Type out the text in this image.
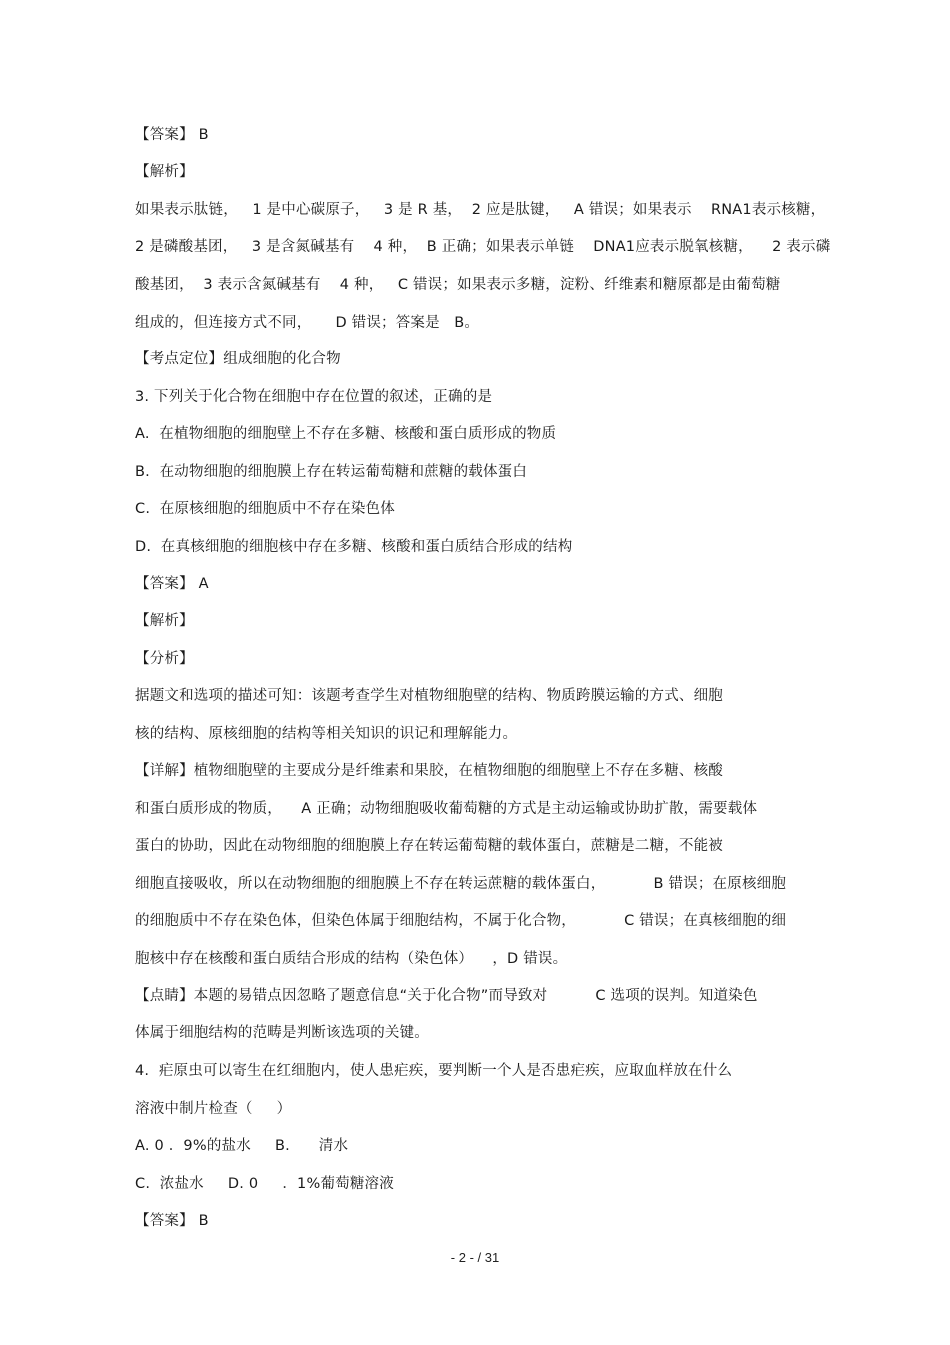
【答案】 B
【解析】
如果表示肽链，   1 是中心碳原子，   3 是 R 基，  2 应是肽键，   A 错误；如果表示    RNA1表示核糖，
2 是磷酸基团，   3 是含氮碱基有    4 种，  B 正确；如果表示单链    DNA1应表示脱氧核糖，    2 表示磷
酸基团，  3 表示含氮碱基有    4 种，   C 错误；如果表示多糖，淀粉、纤维素和糖原都是由葡萄糖
组成的，但连接方式不同，     D 错误；答案是   B。
【考点定位】组成细胞的化合物
3. 下列关于化合物在细胞中存在位置的叙述，正确的是
A.  在植物细胞的细胞壁上不存在多糖、核酸和蛋白质形成的物质
B.  在动物细胞的细胞膜上存在转运葡萄糖和蔗糖的载体蛋白
C.  在原核细胞的细胞质中不存在染色体
D.  在真核细胞的细胞核中存在多糖、核酸和蛋白质结合形成的结构
【答案】 A
【解析】
【分析】
据题文和选项的描述可知：该题考查学生对植物细胞壁的结构、物质跨膜运输的方式、细胞
核的结构、原核细胞的结构等相关知识的识记和理解能力。
【详解】植物细胞壁的主要成分是纤维素和果胶，在植物细胞的细胞壁上不存在多糖、核酸
和蛋白质形成的物质，    A 正确；动物细胞吸收葡萄糖的方式是主动运输或协助扩散，需要载体
蛋白的协助，因此在动物细胞的细胞膜上存在转运葡萄糖的载体蛋白，蔗糖是二糖，不能被
细胞直接吸收，所以在动物细胞的细胞膜上不存在转运蔗糖的载体蛋白，          B 错误；在原核细胞
的细胞质中不存在染色体，但染色体属于细胞结构，不属于化合物，          C 错误；在真核细胞的细
胞核中存在核酸和蛋白质结合形成的结构（染色体）    ，D 错误。
【点睛】本题的易错点因忽略了题意信息“关于化合物”而导致对          C 选项的误判。知道染色
体属于细胞结构的范畴是判断该选项的关键。
4.  疟原虫可以寄生在红细胞内，使人患疟疾，要判断一个人是否患疟疾，应取血样放在什么
溶液中制片检查（     ）
A. 0 ．9%的盐水     B.      清水
C.  浓盐水     D. 0     ．1%葡萄糖溶液
【答案】 B
- 2 - / 31
